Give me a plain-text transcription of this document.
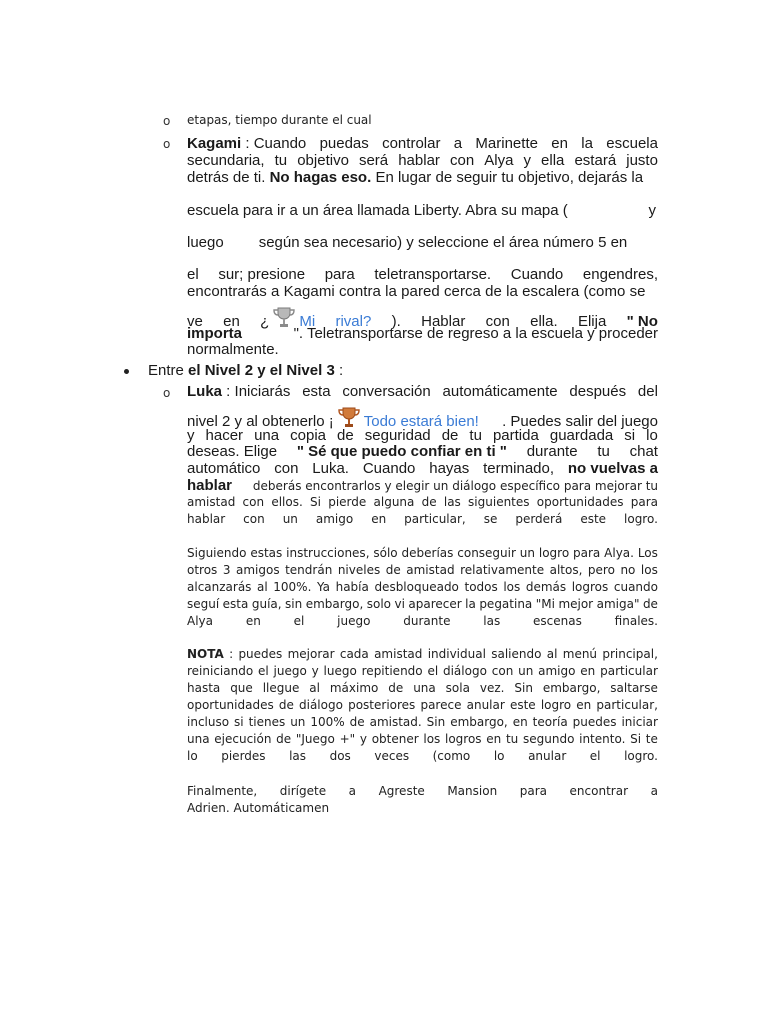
o etapas, tiempo durante el cual
o Kagami : Cuando puedas controlar a Marinette en la escuela
secundaria, tu objetivo será hablar con Alya y ella estará justo
detrás de ti. No hagas eso. En lugar de seguir tu objetivo, dejarás la
escuela para ir a un área llamada Liberty. Abra su mapa (	y
luego según sea necesario) y seleccione el área número 5 en
el sur; presione para teletransportarse. Cuando engendres,
encontrarás a Kagami contra la pared cerca de la escalera (como se
ve en ¿ Mi rival? ). Hablar con ella. Elija " No
importa	". Teletransportarse de regreso a la escuela y proceder
normalmente.
Entre el Nivel 2 y el Nivel 3 :
o Luka : Iniciarás esta conversación automáticamente después del
nivel 2 y al obtenerlo ¡ Todo estará bien! . Puedes salir del juego
y hacer una copia de seguridad de tu partida guardada si lo
deseas. Elige " Sé que puedo confiar en ti " durante tu chat
automático con Luka. Cuando hayas terminado, no vuelvas a
hablar deberás encontrarlos y elegir un diálogo específico para mejorar tu
amistad con ellos. Si pierde alguna de las siguientes oportunidades para
hablar con un amigo en particular, se perderá este logro.
Siguiendo estas instrucciones, sólo deberías conseguir un logro para Alya. Los
otros 3 amigos tendrán niveles de amistad relativamente altos, pero no los
alcanzarás al 100%. Ya había desbloqueado todos los demás logros cuando
seguí esta guía, sin embargo, solo vi aparecer la pegatina "Mi mejor amiga" de
Alya	en	el	juego	durante	las	escenas	finales.
NOTA : puedes mejorar cada amistad individual saliendo al menú principal,
reiniciando el juego y luego repitiendo el diálogo con un amigo en particular
hasta que llegue al máximo de una sola vez. Sin embargo, saltarse
oportunidades de diálogo posteriores parece anular este logro en particular,
incluso si tienes un 100% de amistad. Sin embargo, en teoría puedes iniciar
una ejecución de "Juego +" y obtener los logros en tu segundo intento. Si te
lo pierdes las dos veces (como lo anular el logro.
Finalmente, dirígete a Agreste Mansion para encontrar a
Adrien. Automáticamen
